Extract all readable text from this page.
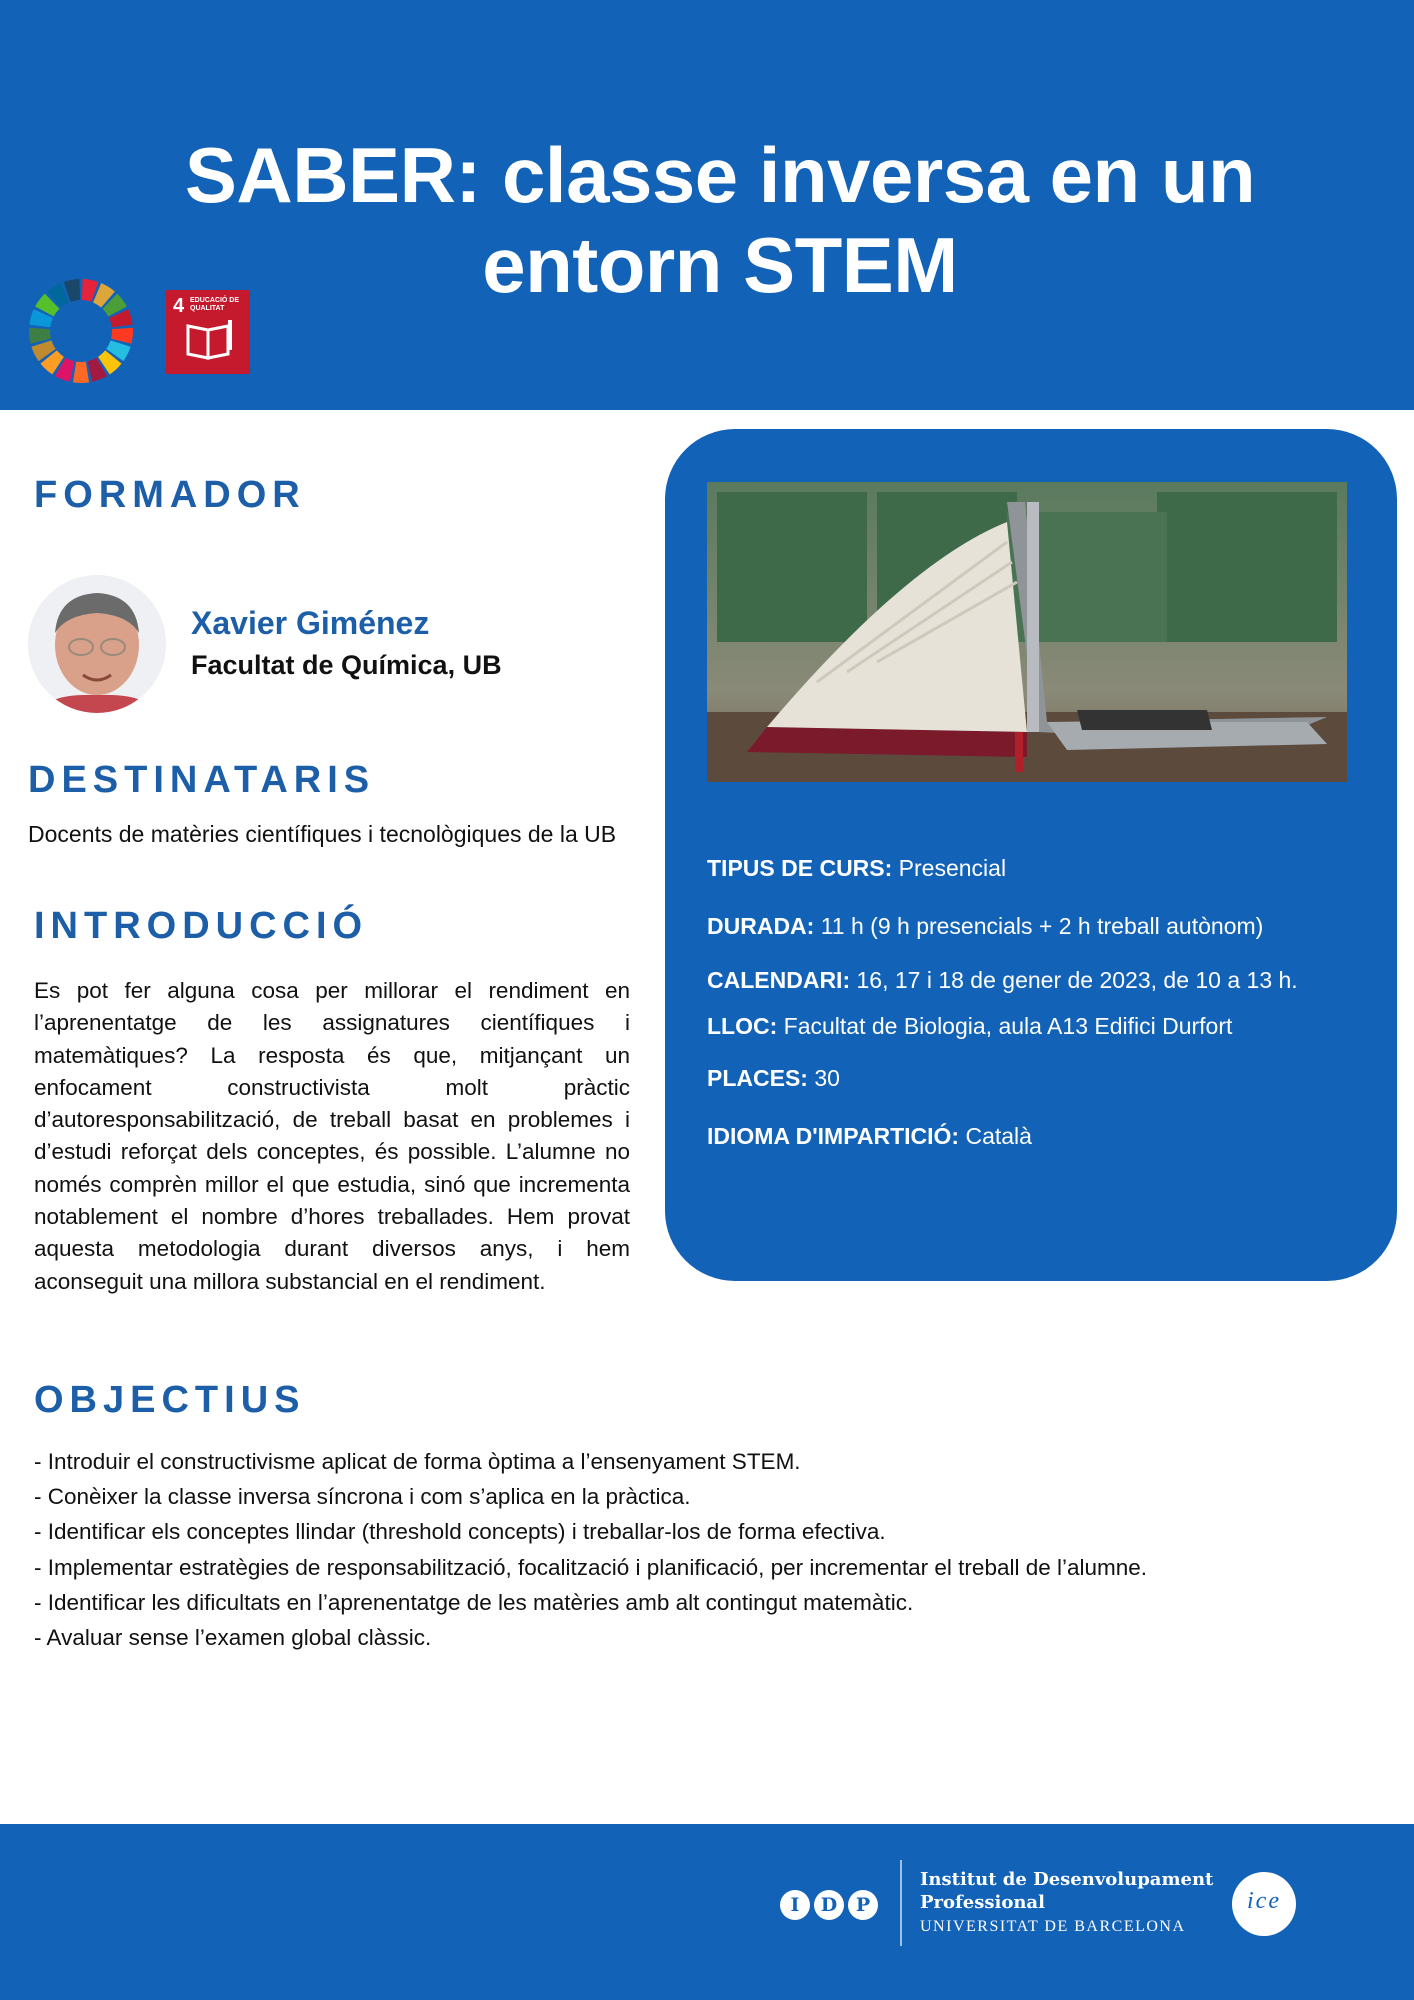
SABER: classe inversa en un entorn STEM
4 EDUCACIÓ DE QUALITAT
FORMADOR
Xavier Giménez
Facultat de Química, UB
DESTINATARIS
Docents de matèries científiques i tecnològiques de la UB
INTRODUCCIÓ
Es pot fer alguna cosa per millorar el rendiment en l’aprenentatge de les assignatures científiques i matemàtiques? La resposta és que, mitjançant un enfocament constructivista molt pràctic d’autoresponsabilització, de treball basat en problemes i d’estudi reforçat dels conceptes, és possible. L’alumne no només comprèn millor el que estudia, sinó que incrementa notablement el nombre d’hores treballades. Hem provat aquesta metodologia durant diversos anys, i hem aconseguit una millora substancial en el rendiment.
TIPUS DE CURS: Presencial
DURADA: 11 h (9 h presencials + 2 h treball autònom)
CALENDARI: 16, 17 i 18 de gener de 2023, de 10 a 13 h.
LLOC: Facultat de Biologia, aula A13 Edifici Durfort
PLACES: 30
IDIOMA D'IMPARTICIÓ: Català
OBJECTIUS
- Introduir el constructivisme aplicat de forma òptima a l’ensenyament STEM.
- Conèixer la classe inversa síncrona i com s’aplica en la pràctica.
- Identificar els conceptes llindar (threshold concepts) i treballar-los de forma efectiva.
- Implementar estratègies de responsabilització, focalització i planificació, per incrementar el treball de l’alumne.
- Identificar les dificultats en l’aprenentatge de les matèries amb alt contingut matemàtic.
- Avaluar sense l’examen global clàssic.
I	D P
Institut de Desenvolupament
Professional
UNIVERSITAT DE BARCELONA
ice
